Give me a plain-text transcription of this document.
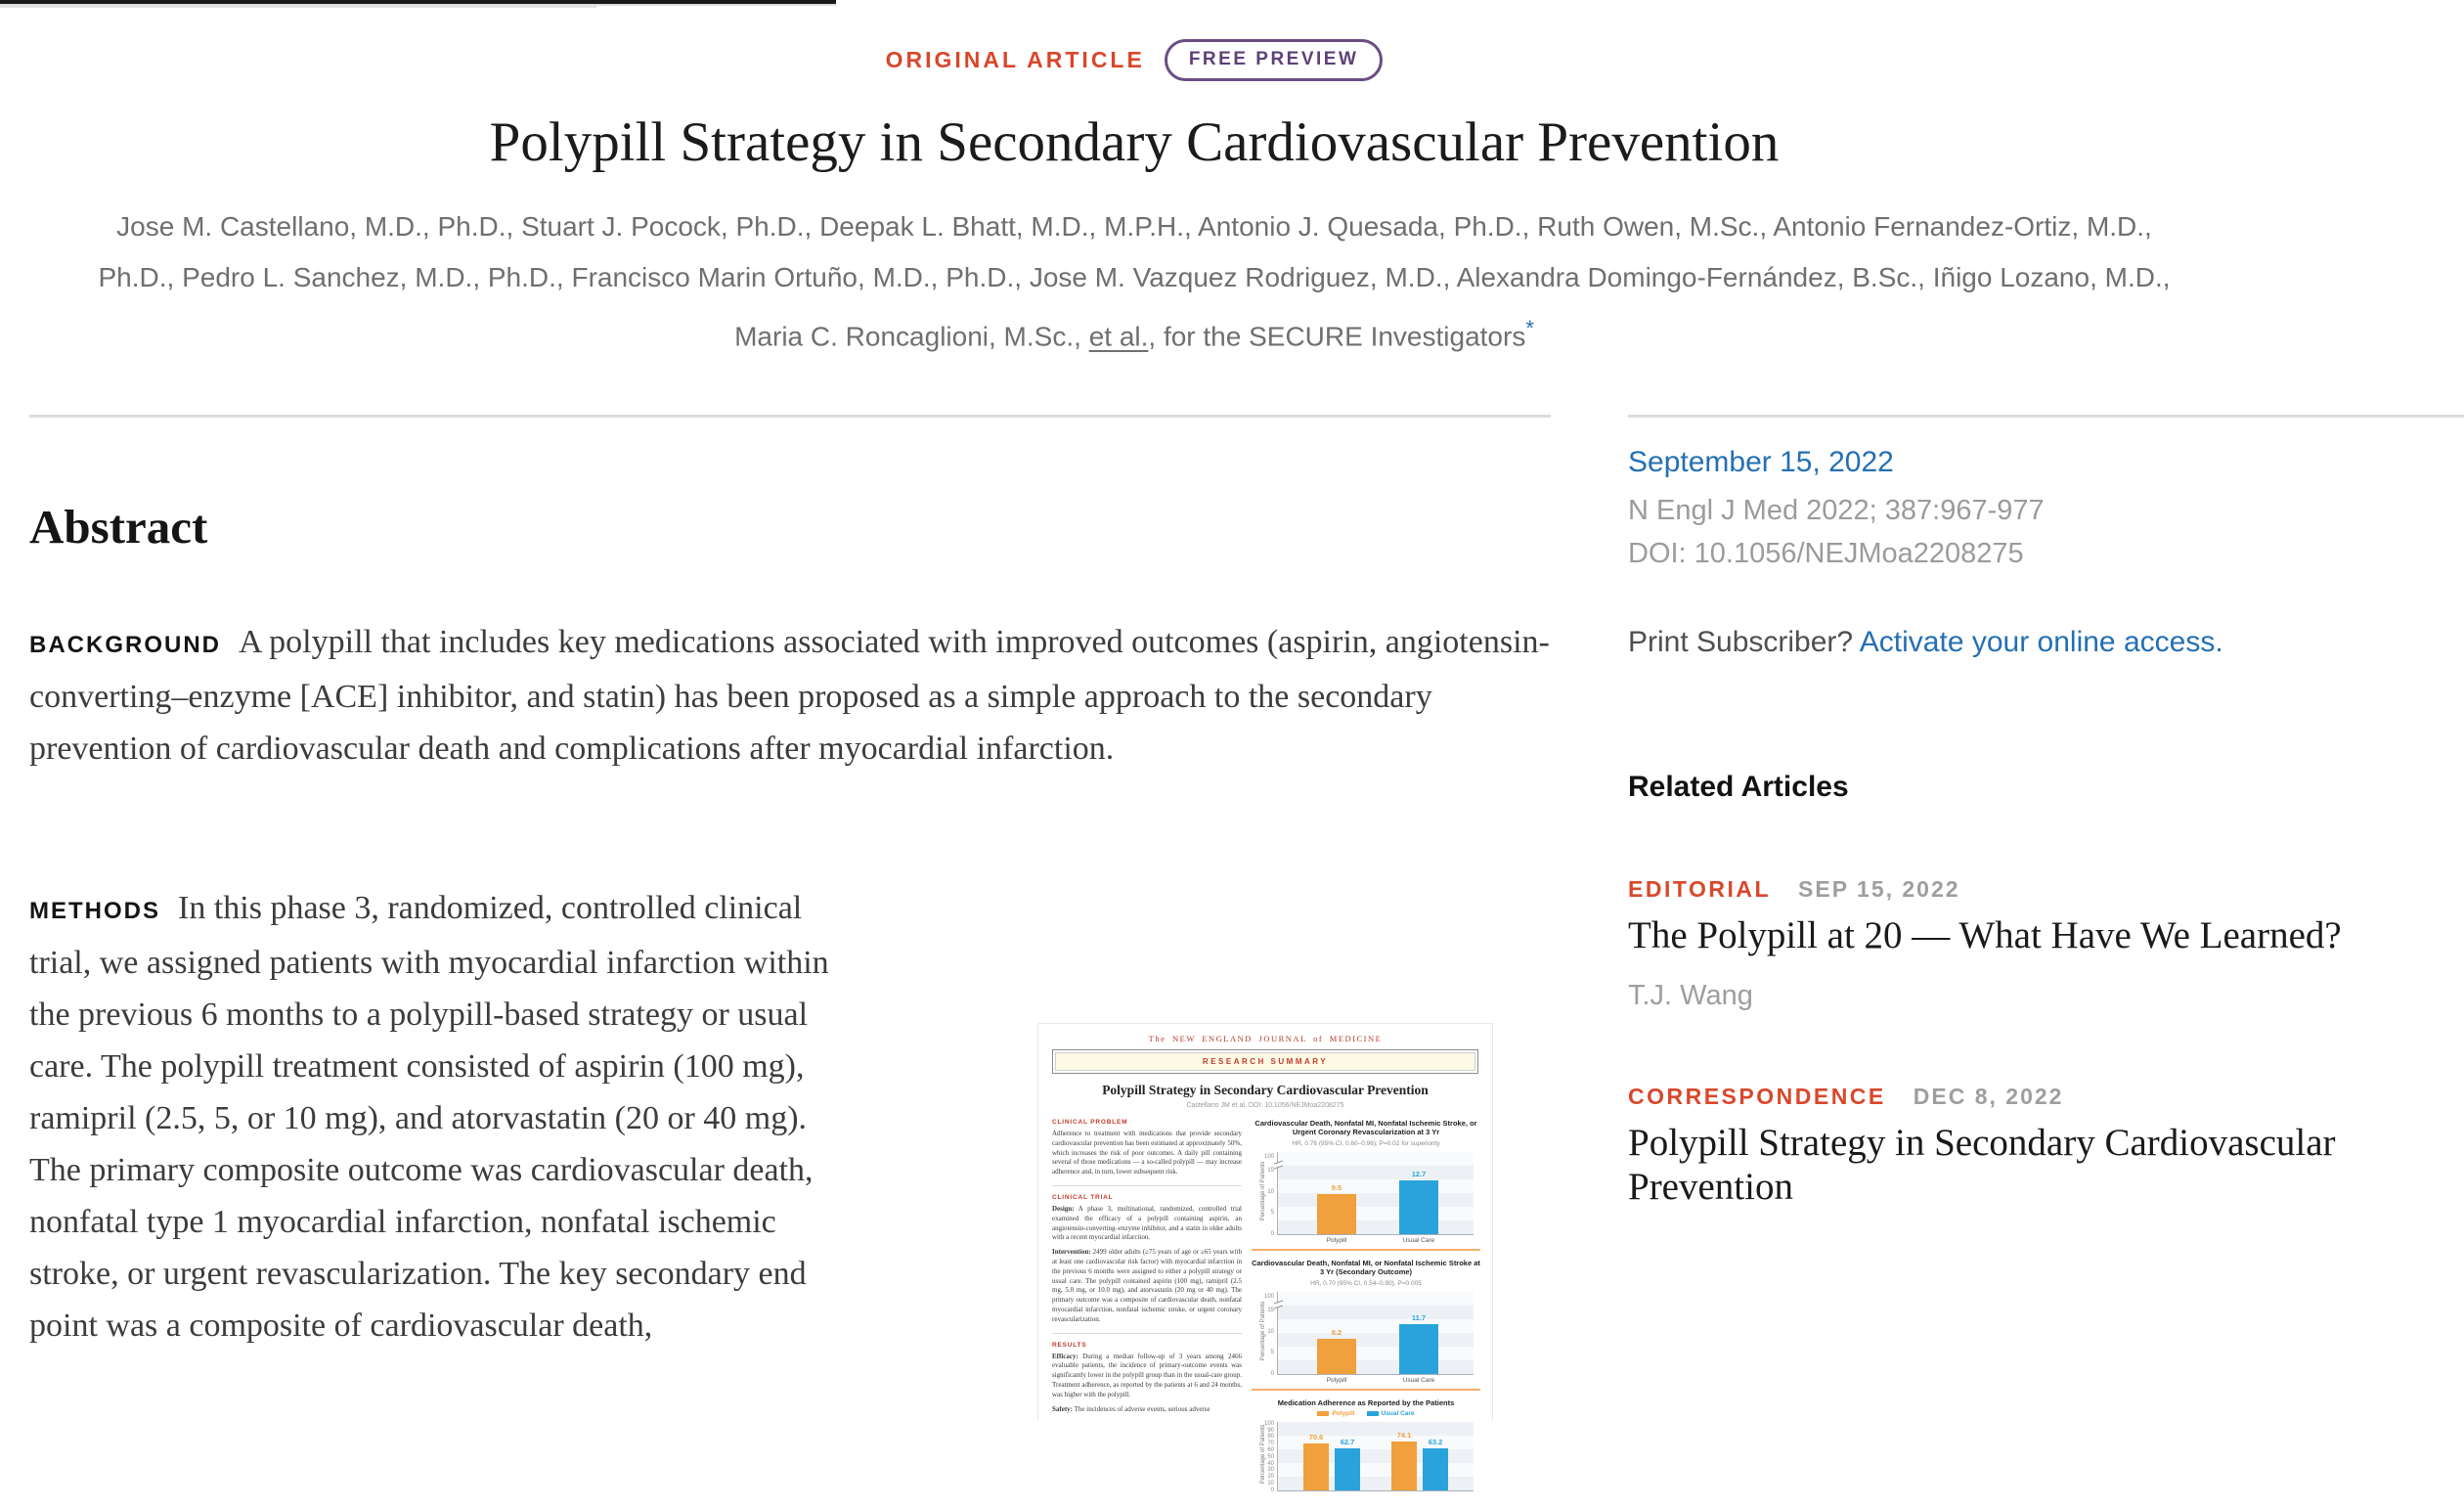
ORIGINAL ARTICLE	FREE PREVIEW
Polypill Strategy in Secondary Cardiovascular Prevention
Jose M. Castellano, M.D., Ph.D., Stuart J. Pocock, Ph.D., Deepak L. Bhatt, M.D., M.P.H., Antonio J. Quesada, Ph.D., Ruth Owen, M.Sc., Antonio Fernandez-Ortiz, M.D.,
Ph.D., Pedro L. Sanchez, M.D., Ph.D., Francisco Marin Ortuño, M.D., Ph.D., Jose M. Vazquez Rodriguez, M.D., Alexandra Domingo-Fernández, B.Sc., Iñigo Lozano, M.D.,
Maria C. Roncaglioni, M.Sc., et al., for the SECURE Investigators*
Abstract

BACKGROUND A polypill that includes key medications associated with improved outcomes (aspirin, angiotensin-converting–enzyme [ACE] inhibitor, and statin) has been proposed as a simple approach to the secondary prevention of cardiovascular death and complications after myocardial infarction.

METHODS In this phase 3, randomized, controlled clinical trial, we assigned patients with myocardial infarction within the previous 6 months to a polypill-based strategy or usual care. The polypill treatment consisted of aspirin (100 mg), ramipril (2.5, 5, or 10 mg), and atorvastatin (20 or 40 mg). The primary composite outcome was cardiovascular death, nonfatal type 1 myocardial infarction, nonfatal ischemic stroke, or urgent revascularization. The key secondary end point was a composite of cardiovascular death,

September 15, 2022
N Engl J Med 2022; 387:967-977
DOI: 10.1056/NEJMoa2208275
Print Subscriber? Activate your online access.
Related Articles
EDITORIAL SEP 15, 2022
The Polypill at 20 — What Have We Learned?
T.J. Wang
CORRESPONDENCE DEC 8, 2022
Polypill Strategy in Secondary Cardiovascular Prevention
The NEW ENGLAND JOURNAL of MEDICINE
RESEARCH SUMMARY
Polypill Strategy in Secondary Cardiovascular Prevention
Castellano JM et al. DOI: 10.1056/NEJMoa2208275
CLINICAL PROBLEM

Adherence to treatment with medications that provide secondary cardiovascular prevention has been estimated at approximately 50%, which increases the risk of poor outcomes. A daily pill containing several of those medications — a so-called polypill — may increase adherence and, in turn, lower subsequent risk.

CLINICAL TRIAL

Design: A phase 3, multinational, randomized, controlled trial examined the efficacy of a polypill containing aspirin, an angiotensin-converting–enzyme inhibitor, and a statin in older adults with a recent myocardial infarction.

Intervention: 2499 older adults (≥75 years of age or ≥65 years with at least one cardiovascular risk factor) with myocardial infarction in the previous 6 months were assigned to either a polypill strategy or usual care. The polypill contained aspirin (100 mg), ramipril (2.5 mg, 5.0 mg, or 10.0 mg), and atorvastatin (20 mg or 40 mg). The primary outcome was a composite of cardiovascular death, nonfatal myocardial infarction, nonfatal ischemic stroke, or urgent coronary revascularization.

RESULTS

Efficacy: During a median follow-up of 3 years among 2466 evaluable patients, the incidence of primary-outcome events was significantly lower in the polypill group than in the usual-care group. Treatment adherence, as reported by the patients at 6 and 24 months, was higher with the polypill.

Safety: The incidences of adverse events, serious adverse

Cardiovascular Death, Nonfatal MI, Nonfatal Ischemic Stroke, or Urgent Coronary Revascularization at 3 Yr
HR, 0.76 (95% CI, 0.60–0.96); P=0.02 for superiority
0
5
10
15
100
9.5
12.7
Polypill	Usual Care
Percentage of Patients
Cardiovascular Death, Nonfatal MI, or Nonfatal Ischemic Stroke at 3 Yr (Secondary Outcome)
HR, 0.70 (95% CI, 0.54–0.90); P=0.005
0
5
10
15
100
8.2
11.7
Polypill	Usual Care
Percentage of Patients
Medication Adherence as Reported by the Patients
Polypill	Usual Care
100
90
80
70
60
50
40
30
20
10
0
70.6
62.7
74.1
63.2
Percentage of Patients
